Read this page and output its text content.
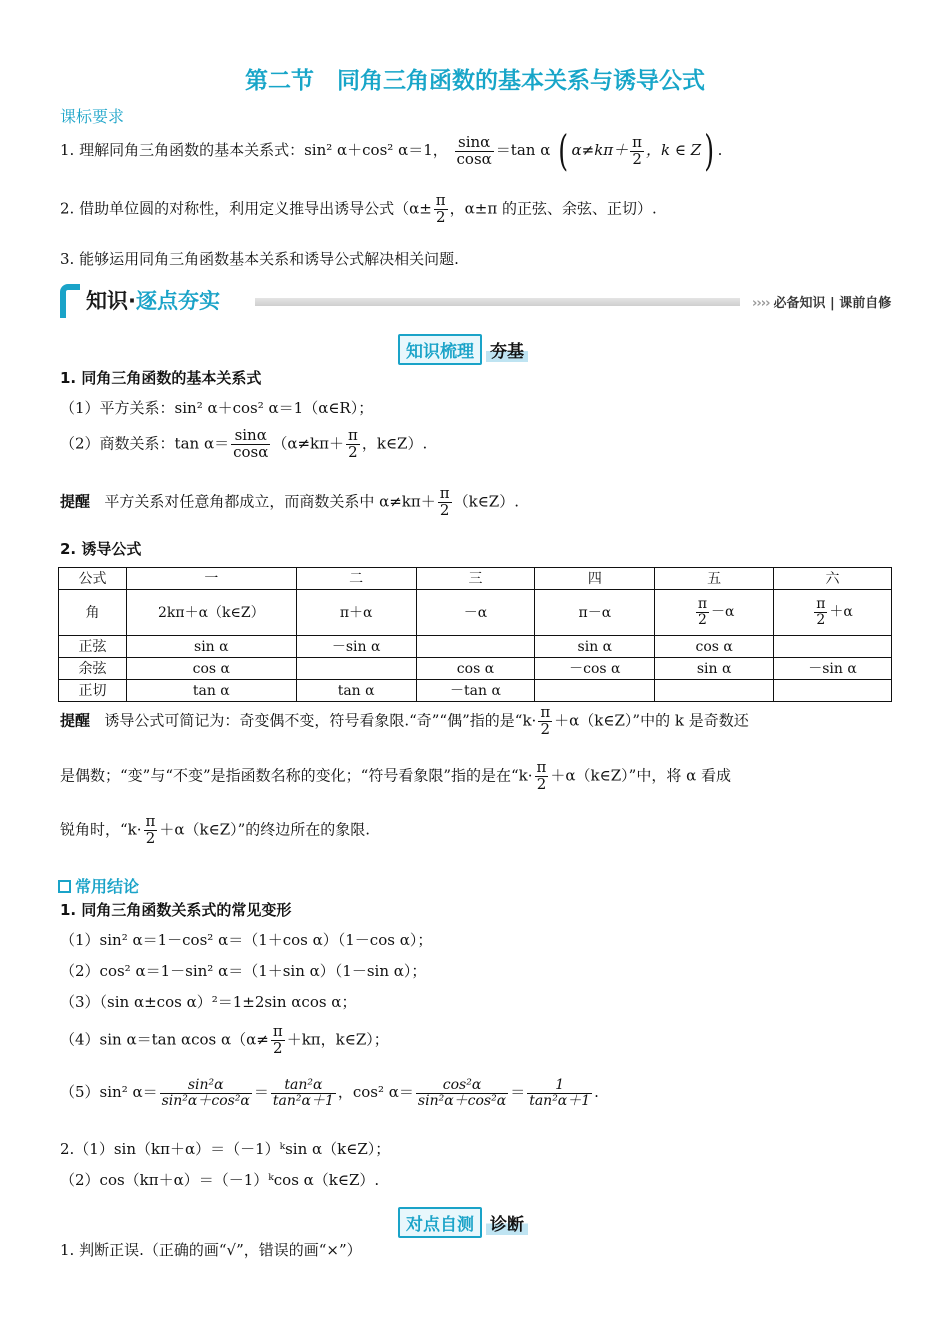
第二节　同角三角函数的基本关系与诱导公式
课标要求
1. 理解同角三角函数的基本关系式：sin² α＋cos² α＝1， $\frac{\sin\alpha}{\cos\alpha} =\tan$ α ( $\alpha\ne k\pi+ \frac{\pi}{2}$ ，k ∈ Z) .
2. 借助单位圆的对称性，利用定义推导出诱导公式（$\alpha\pm \frac{\pi}{2}$ ，α±π 的正弦、余弦、正切）.
3. 能够运用同角三角函数基本关系和诱导公式解决相关问题.
知识·逐点夯实	›››› 必备知识 | 课前自修
知识梳理 夯基
1. 同角三角函数的基本关系式
（1）平方关系：sin² α＋cos² α＝1（α∈R）；
（2）商数关系：$\tan \alpha= \frac{\sin\alpha}{\cos\alpha} (\alpha\ne k\pi+ \frac{\pi}{2}$ ，k∈Z）.
提醒 平方关系对任意角都成立，而商数关系中 $\alpha\ne k\pi+ \frac{\pi}{2}$ （k∈Z）.
2. 诱导公式
公式	一	二	三	四	五	六
角	2kπ＋α（k∈Z）	π＋α	－α	π－α	$\frac{\pi}{2} -\alpha$	$\frac{\pi}{2} +\alpha$
正弦	sin α	－sin α		sin α	cos α	
余弦	cos α		cos α	－cos α	sin α	－sin α
正切	tan α	tan α	－tan α			
提醒 诱导公式可简记为：奇变偶不变，符号看象限.“奇”“偶”指的是“$k\cdot \frac{\pi}{2}$ ＋α（k∈Z）”中的 k 是奇数还
是偶数；“变”与“不变”是指函数名称的变化；“符号看象限”指的是在“$k\cdot \frac{\pi}{2}$ ＋α（k∈Z）”中，将 α 看成
锐角时，“$k\cdot \frac{\pi}{2}$ ＋α（k∈Z）”的终边所在的象限.
常用结论
1. 同角三角函数关系式的常见变形
（1）sin² α＝1－cos² α＝（1＋cos α）（1－cos α）；
（2）cos² α＝1－sin² α＝（1＋sin α）（1－sin α）；
（3）（sin α±cos α）²＝1±2sin αcos α；
（4）sin α＝tan αcos $\alpha(\alpha\ne \frac{\pi}{2} +k\pi$，k∈Z）；
（5）sin² $\alpha= \frac{\text{sin²α}}{\text{sin²α＋cos²α}} = \frac{\text{tan²α}}{\text{tan²α＋1}}$ ，cos² $\alpha= \frac{\text{cos²α}}{\text{sin²α＋cos²α}} = \frac{1}{\text{tan²α＋1}}$ .
2.（1）sin（kπ＋α）＝（－1）ᵏsin α（k∈Z）；
（2）cos（kπ＋α）＝（－1）ᵏcos α（k∈Z）.
对点自测 诊断
1. 判断正误.（正确的画“√”，错误的画“×”）
